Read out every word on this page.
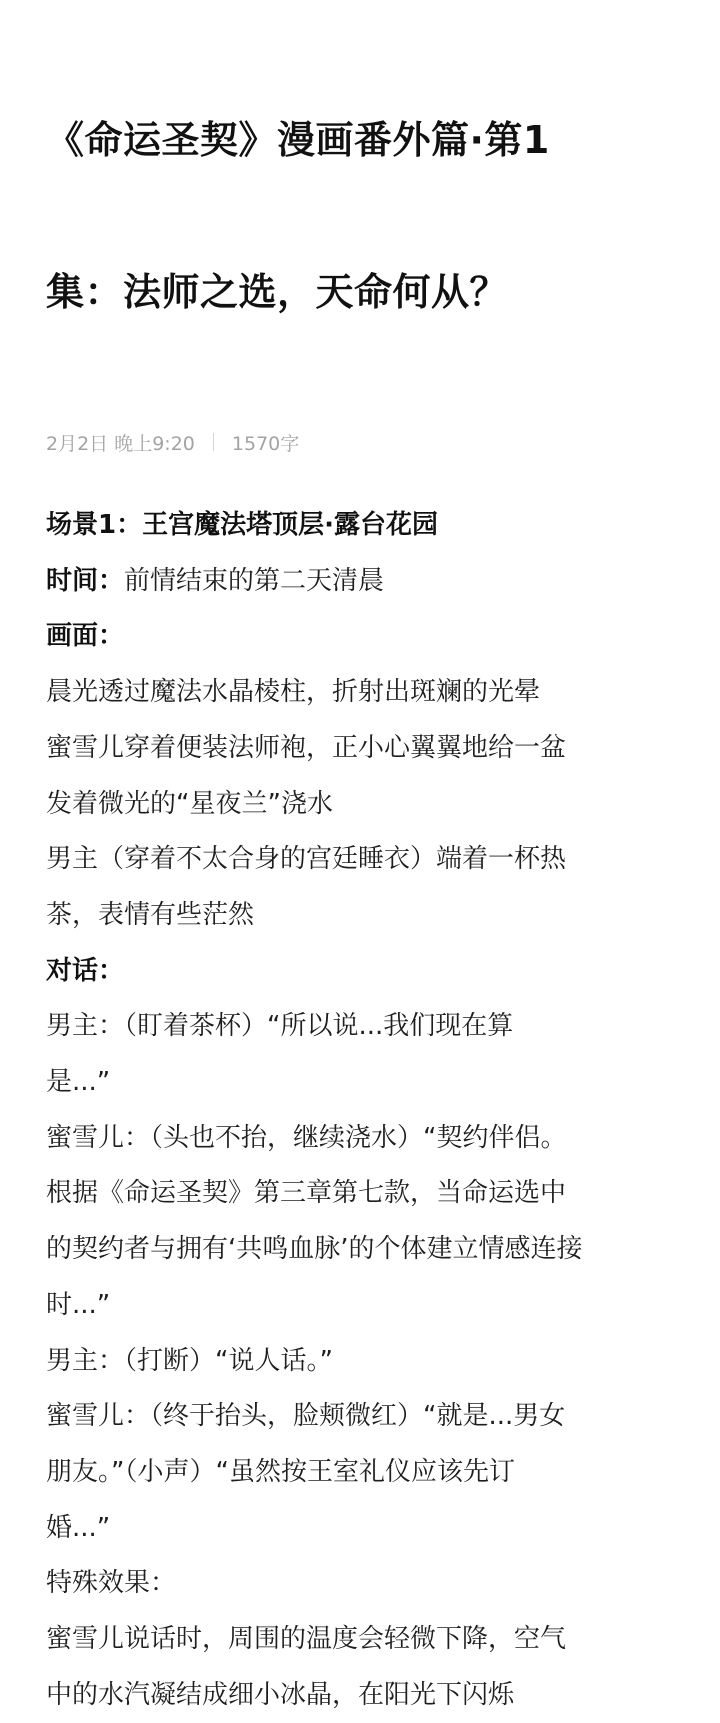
《命运圣契》漫画番外篇·第1

集：法师之选，天命何从？

2月2日 晚上9:20 1570字
场景1：王宫魔法塔顶层·露台花园
时间：前情结束的第二天清晨
画面：
晨光透过魔法水晶棱柱，折射出斑斓的光晕
蜜雪儿穿着便装法师袍，正小心翼翼地给一盆
发着微光的“星夜兰”浇水
男主（穿着不太合身的宫廷睡衣）端着一杯热
茶，表情有些茫然
对话：
男主：（盯着茶杯）“所以说...我们现在算
是...”
蜜雪儿：（头也不抬，继续浇水）“契约伴侣。
根据《命运圣契》第三章第七款，当命运选中
的契约者与拥有‘共鸣血脉’的个体建立情感连接
时...”
男主：（打断）“说人话。”
蜜雪儿：（终于抬头，脸颊微红）“就是...男女
朋友。”（小声）“虽然按王室礼仪应该先订
婚...”
特殊效果：
蜜雪儿说话时，周围的温度会轻微下降，空气
中的水汽凝结成细小冰晶，在阳光下闪烁
